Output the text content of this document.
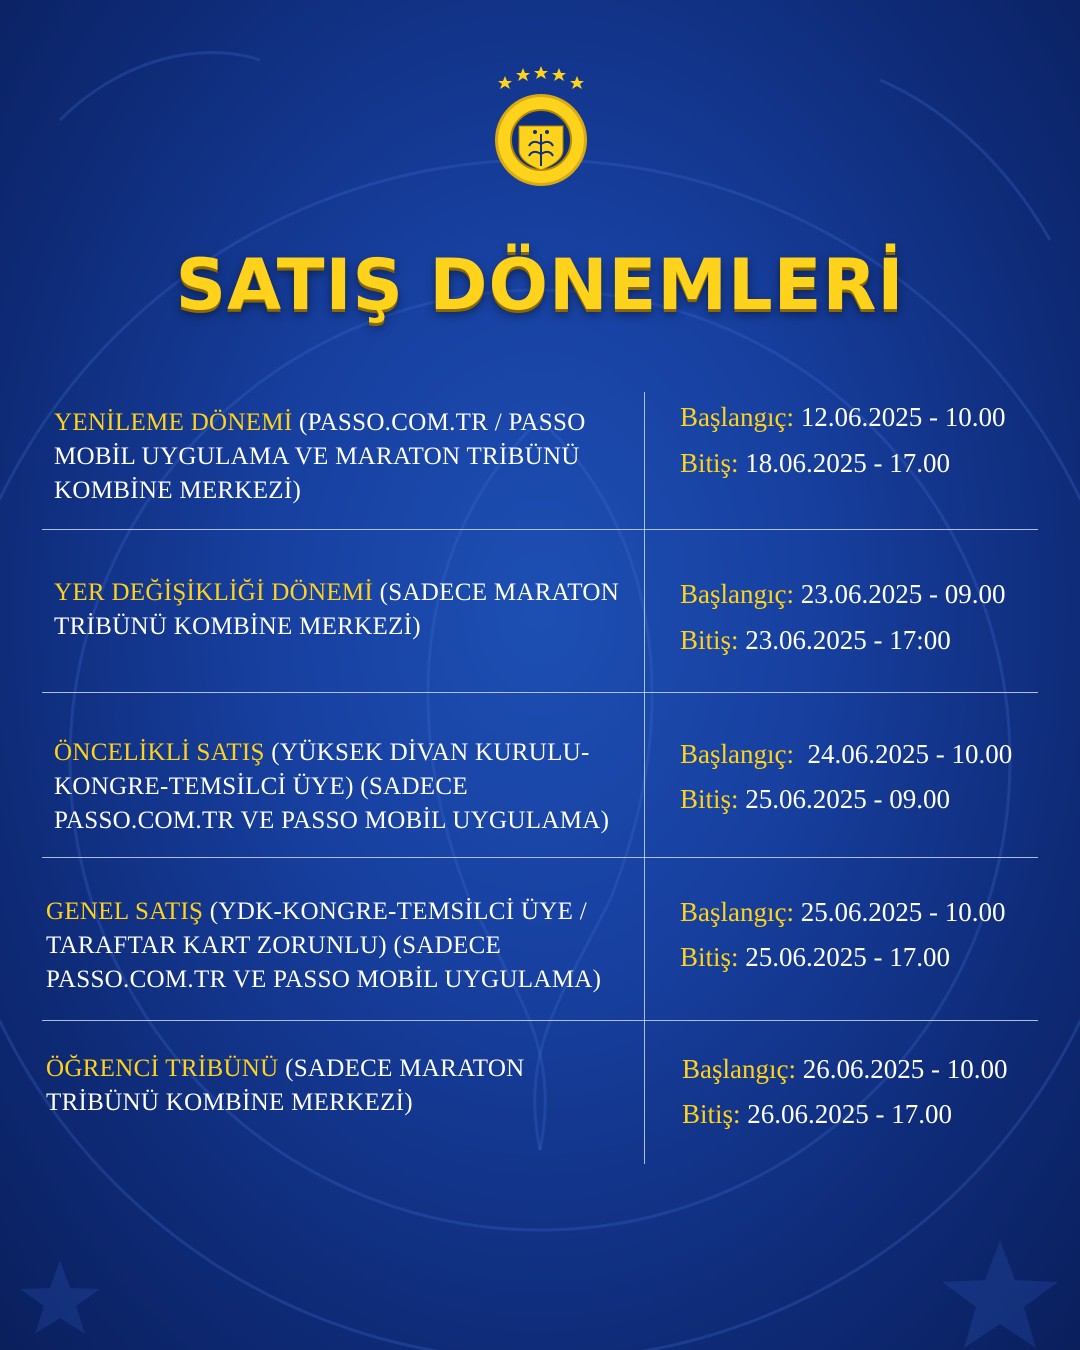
SATIŞ DÖNEMLERİ
YENİLEME DÖNEMİ (PASSO.COM.TR / PASSO MOBİL UYGULAMA VE MARATON TRİBÜNÜ KOMBİNE MERKEZİ)
Başlangıç: 12.06.2025 - 10.00
Bitiş: 18.06.2025 - 17.00
YER DEĞİŞİKLİĞİ DÖNEMİ (SADECE MARATON TRİBÜNÜ KOMBİNE MERKEZİ)
Başlangıç: 23.06.2025 - 09.00
Bitiş: 23.06.2025 - 17:00
ÖNCELİKLİ SATIŞ (YÜKSEK DİVAN KURULU-KONGRE-TEMSİLCİ ÜYE) (SADECE PASSO.COM.TR VE PASSO MOBİL UYGULAMA)
Başlangıç:  24.06.2025 - 10.00
Bitiş: 25.06.2025 - 09.00
GENEL SATIŞ (YDK-KONGRE-TEMSİLCİ ÜYE / TARAFTAR KART ZORUNLU) (SADECE PASSO.COM.TR VE PASSO MOBİL UYGULAMA)
Başlangıç: 25.06.2025 - 10.00
Bitiş: 25.06.2025 - 17.00
ÖĞRENCİ TRİBÜNÜ (SADECE MARATON TRİBÜNÜ KOMBİNE MERKEZİ)
Başlangıç: 26.06.2025 - 10.00
Bitiş: 26.06.2025 - 17.00
